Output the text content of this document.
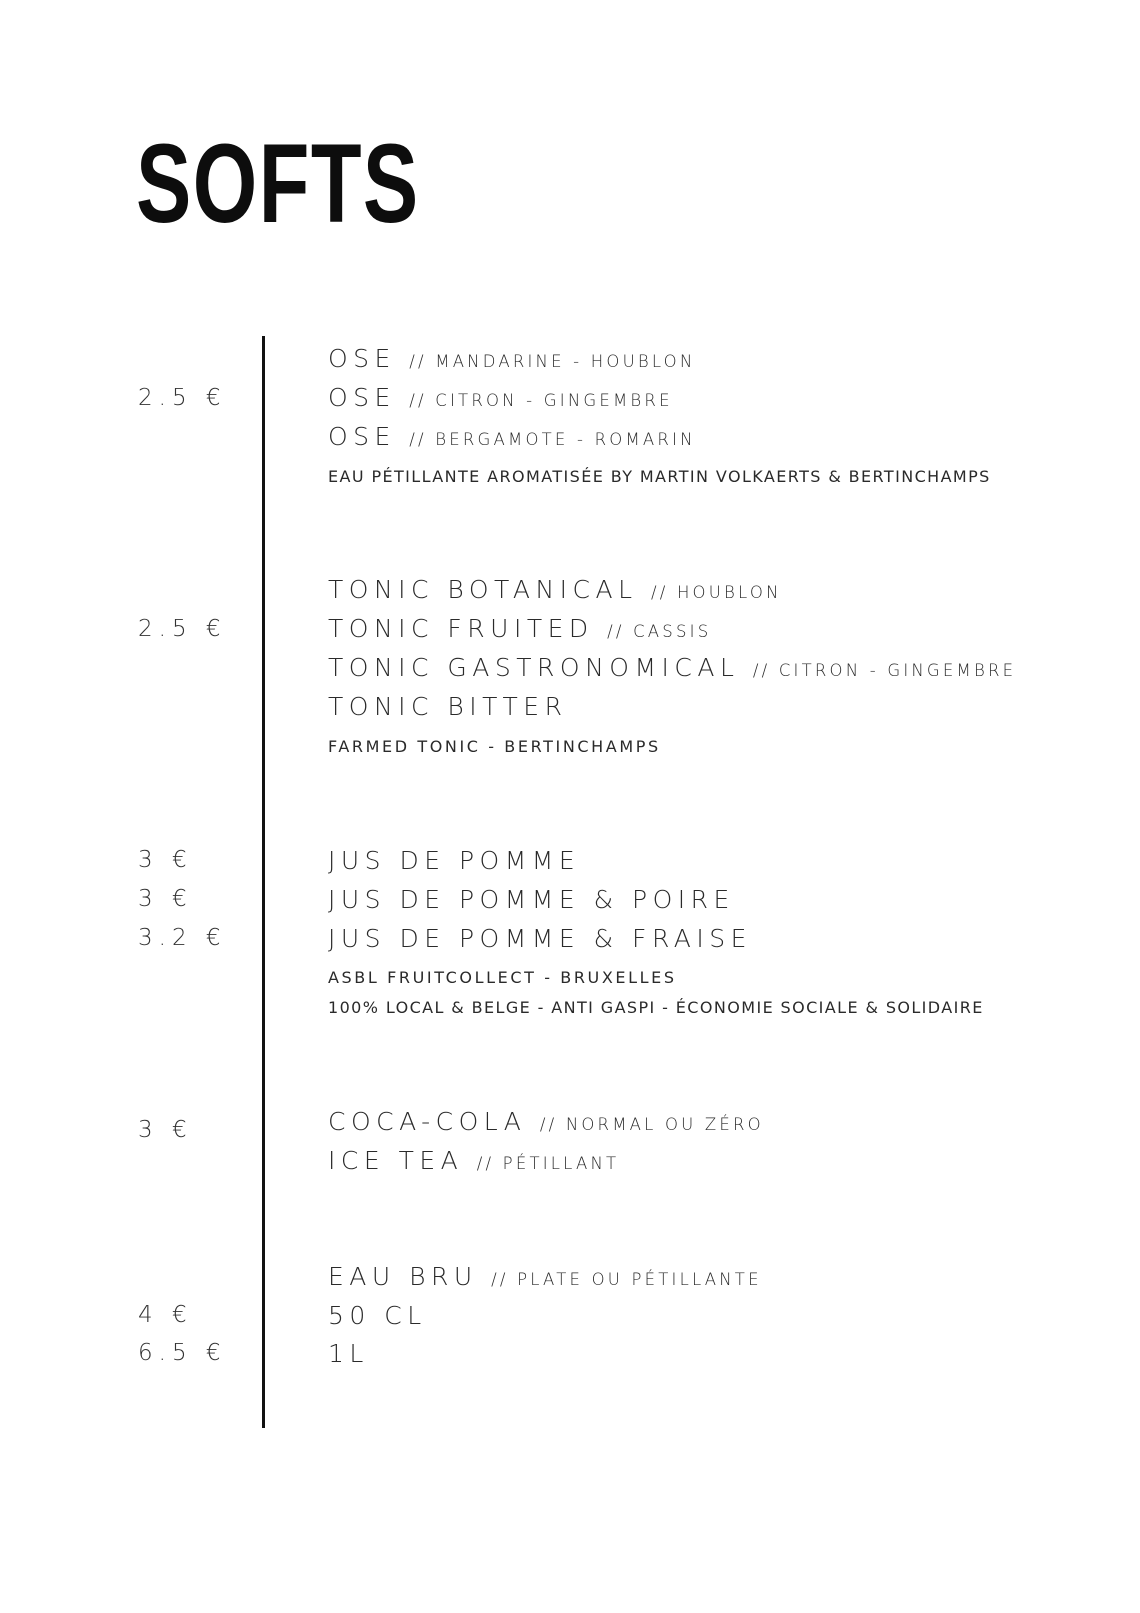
SOFTS
2.5 €
OSE // MANDARINE - HOUBLON
OSE // CITRON - GINGEMBRE
OSE // BERGAMOTE - ROMARIN
EAU PÉTILLANTE AROMATISÉE BY MARTIN VOLKAERTS & BERTINCHAMPS
2.5 €
TONIC BOTANICAL // HOUBLON
TONIC FRUITED // CASSIS
TONIC GASTRONOMICAL // CITRON - GINGEMBRE
TONIC BITTER
FARMED TONIC - BERTINCHAMPS
3 €
3 €
3.2 €
JUS DE POMME
JUS DE POMME & POIRE
JUS DE POMME & FRAISE
ASBL FRUITCOLLECT - BRUXELLES
100% LOCAL & BELGE - ANTI GASPI - ÉCONOMIE SOCIALE & SOLIDAIRE
3 €	COCA-COLA // NORMAL OU ZÉRO
ICE TEA // PÉTILLANT
EAU BRU // PLATE OU PÉTILLANTE
4 €
6.5 €
50 CL
1L
